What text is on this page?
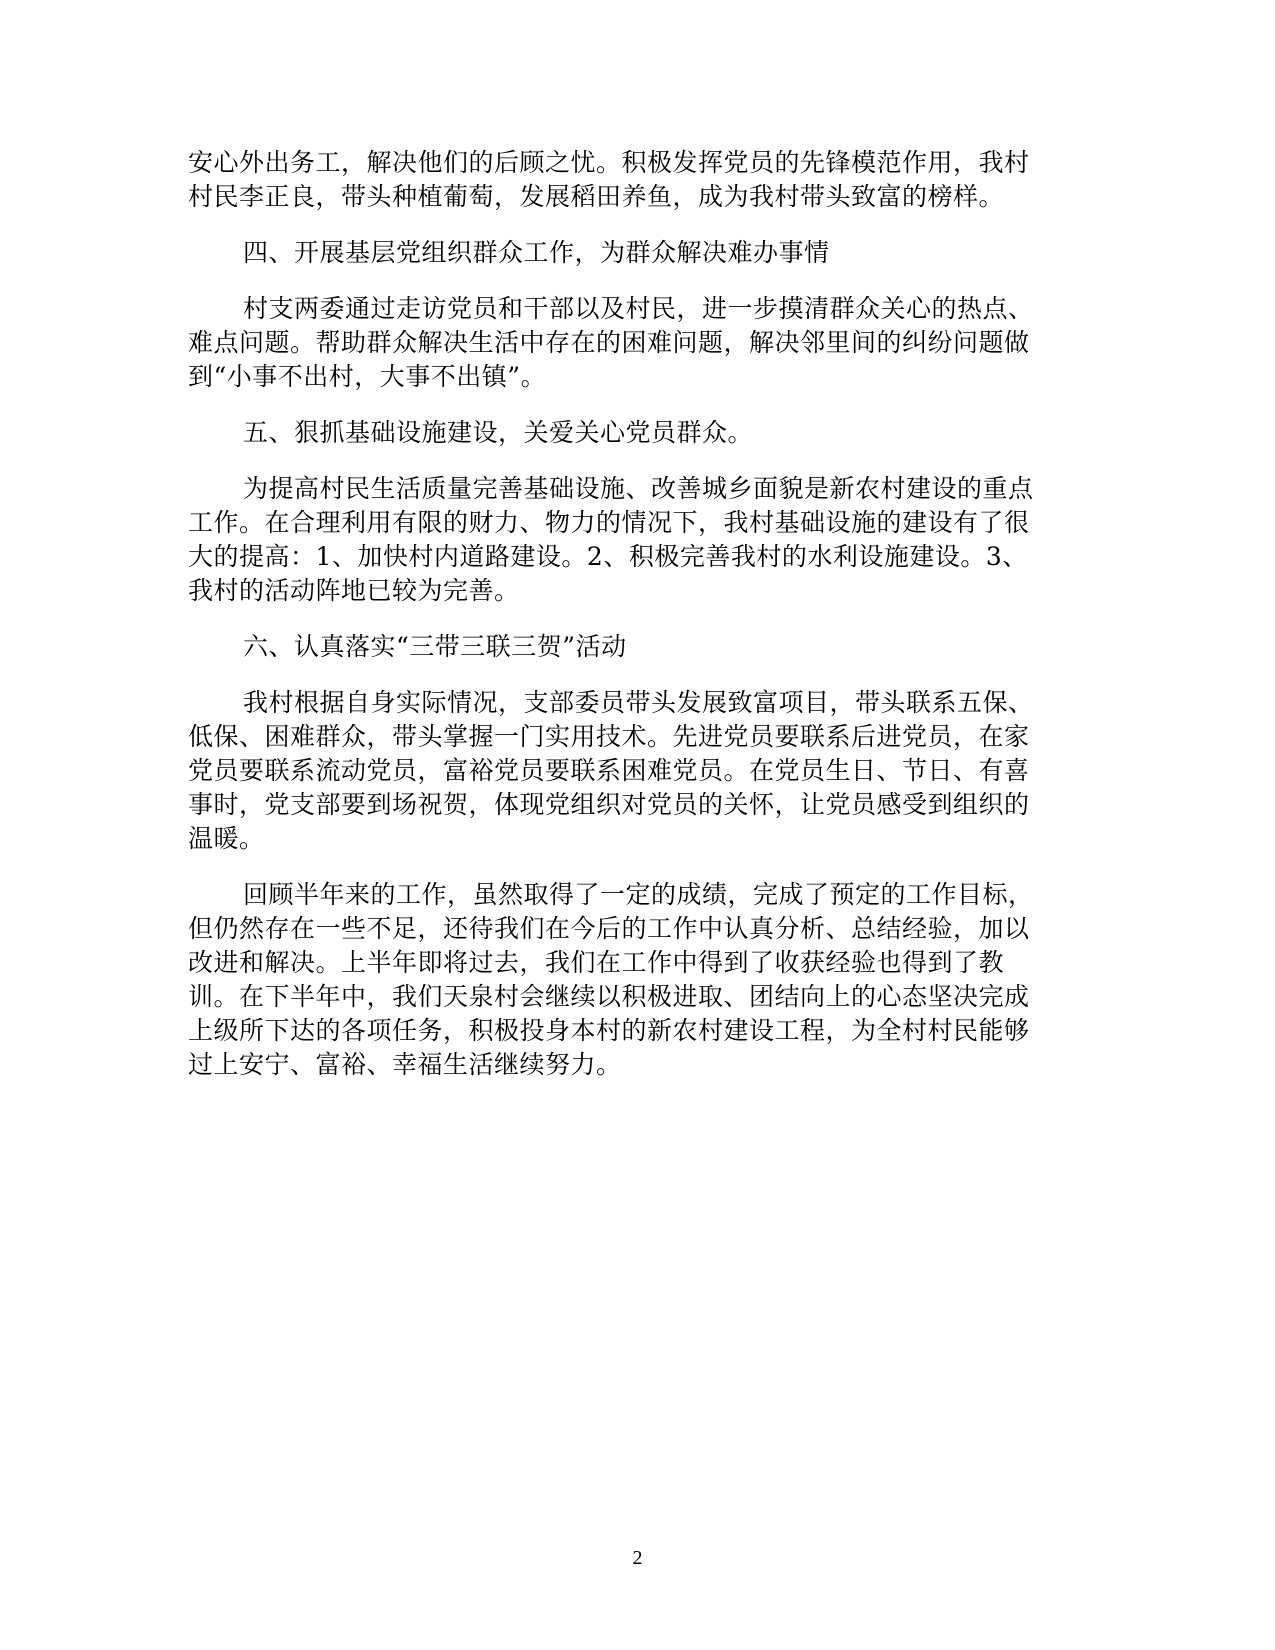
安心外出务工，解决他们的后顾之忧。积极发挥党员的先锋模范作用，我村
村民李正良，带头种植葡萄，发展稻田养鱼，成为我村带头致富的榜样。
四、开展基层党组织群众工作，为群众解决难办事情
村支两委通过走访党员和干部以及村民，进一步摸清群众关心的热点、
难点问题。帮助群众解决生活中存在的困难问题，解决邻里间的纠纷问题做
到“小事不出村，大事不出镇”。
五、狠抓基础设施建设，关爱关心党员群众。
为提高村民生活质量完善基础设施、改善城乡面貌是新农村建设的重点
工作。在合理利用有限的财力、物力的情况下，我村基础设施的建设有了很
大的提高：1、加快村内道路建设。2、积极完善我村的水利设施建设。3、
我村的活动阵地已较为完善。
六、认真落实“三带三联三贺”活动
我村根据自身实际情况，支部委员带头发展致富项目，带头联系五保、
低保、困难群众，带头掌握一门实用技术。先进党员要联系后进党员，在家
党员要联系流动党员，富裕党员要联系困难党员。在党员生日、节日、有喜
事时，党支部要到场祝贺，体现党组织对党员的关怀，让党员感受到组织的
温暖。
回顾半年来的工作，虽然取得了一定的成绩，完成了预定的工作目标，
但仍然存在一些不足，还待我们在今后的工作中认真分析、总结经验，加以
改进和解决。上半年即将过去，我们在工作中得到了收获经验也得到了教
训。在下半年中，我们天泉村会继续以积极进取、团结向上的心态坚决完成
上级所下达的各项任务，积极投身本村的新农村建设工程，为全村村民能够
过上安宁、富裕、幸福生活继续努力。
2
